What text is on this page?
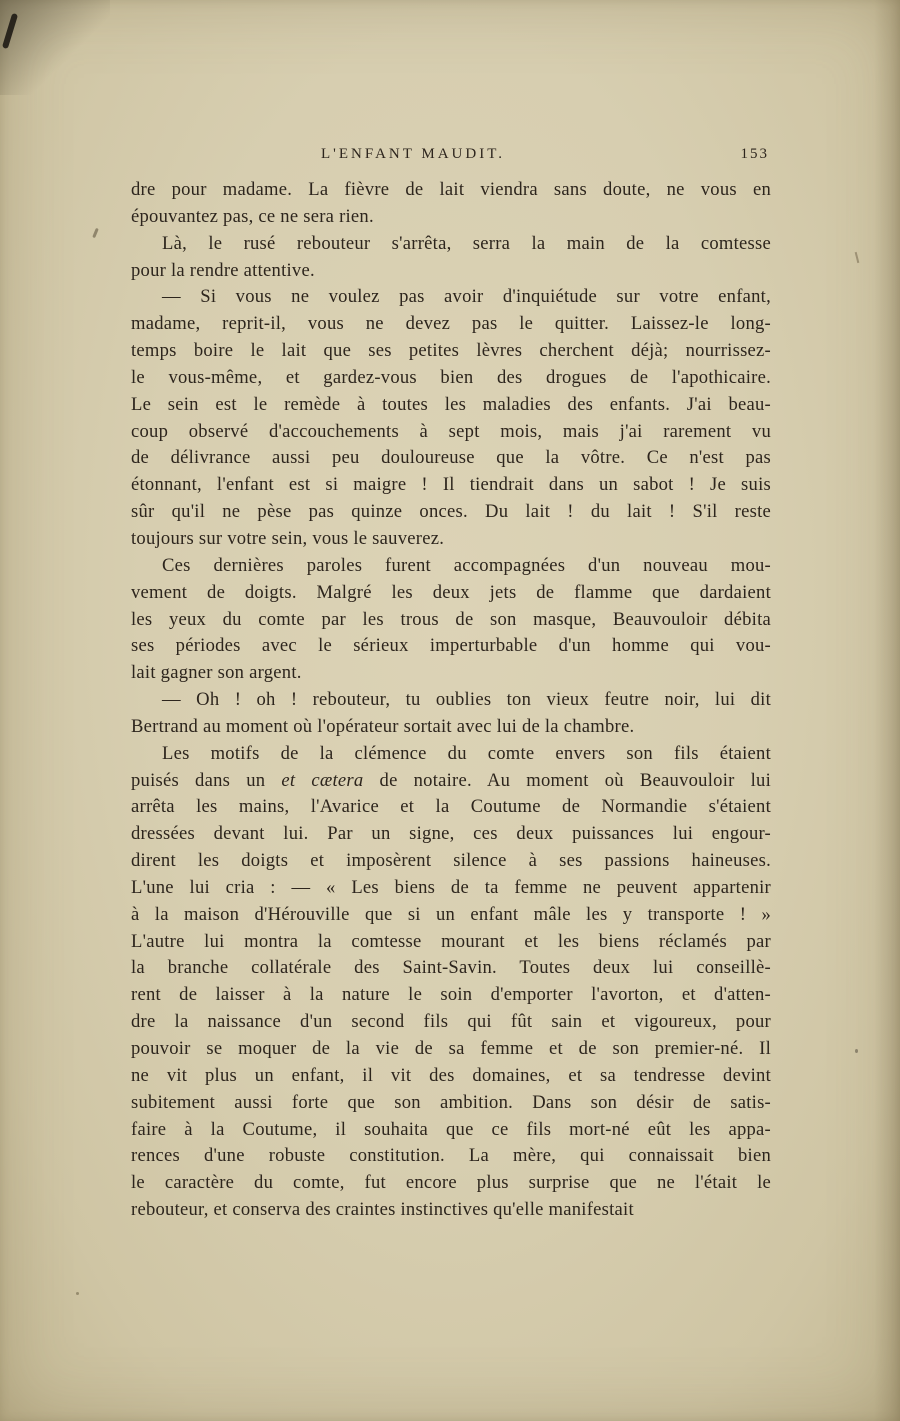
L'ENFANT MAUDIT.	153
dre pour madame. La fièvre de lait viendra sans doute, ne vous en
épouvantez pas, ce ne sera rien.
Là, le rusé rebouteur s'arrêta, serra la main de la comtesse
pour la rendre attentive.
— Si vous ne voulez pas avoir d'inquiétude sur votre enfant,
madame, reprit-il, vous ne devez pas le quitter. Laissez-le long-
temps boire le lait que ses petites lèvres cherchent déjà; nourrissez-
le vous-même, et gardez-vous bien des drogues de l'apothicaire.
Le sein est le remède à toutes les maladies des enfants. J'ai beau-
coup observé d'accouchements à sept mois, mais j'ai rarement vu
de délivrance aussi peu douloureuse que la vôtre. Ce n'est pas
étonnant, l'enfant est si maigre ! Il tiendrait dans un sabot ! Je suis
sûr qu'il ne pèse pas quinze onces. Du lait ! du lait ! S'il reste
toujours sur votre sein, vous le sauverez.
Ces dernières paroles furent accompagnées d'un nouveau mou-
vement de doigts. Malgré les deux jets de flamme que dardaient
les yeux du comte par les trous de son masque, Beauvouloir débita
ses périodes avec le sérieux imperturbable d'un homme qui vou-
lait gagner son argent.
— Oh ! oh ! rebouteur, tu oublies ton vieux feutre noir, lui dit
Bertrand au moment où l'opérateur sortait avec lui de la chambre.
Les motifs de la clémence du comte envers son fils étaient
puisés dans un et cætera de notaire. Au moment où Beauvouloir lui
arrêta les mains, l'Avarice et la Coutume de Normandie s'étaient
dressées devant lui. Par un signe, ces deux puissances lui engour-
dirent les doigts et imposèrent silence à ses passions haineuses.
L'une lui cria : — « Les biens de ta femme ne peuvent appartenir
à la maison d'Hérouville que si un enfant mâle les y transporte ! »
L'autre lui montra la comtesse mourant et les biens réclamés par
la branche collatérale des Saint-Savin. Toutes deux lui conseillè-
rent de laisser à la nature le soin d'emporter l'avorton, et d'atten-
dre la naissance d'un second fils qui fût sain et vigoureux, pour
pouvoir se moquer de la vie de sa femme et de son premier-né. Il
ne vit plus un enfant, il vit des domaines, et sa tendresse devint
subitement aussi forte que son ambition. Dans son désir de satis-
faire à la Coutume, il souhaita que ce fils mort-né eût les appa-
rences d'une robuste constitution. La mère, qui connaissait bien
le caractère du comte, fut encore plus surprise que ne l'était le
rebouteur, et conserva des craintes instinctives qu'elle manifestait
